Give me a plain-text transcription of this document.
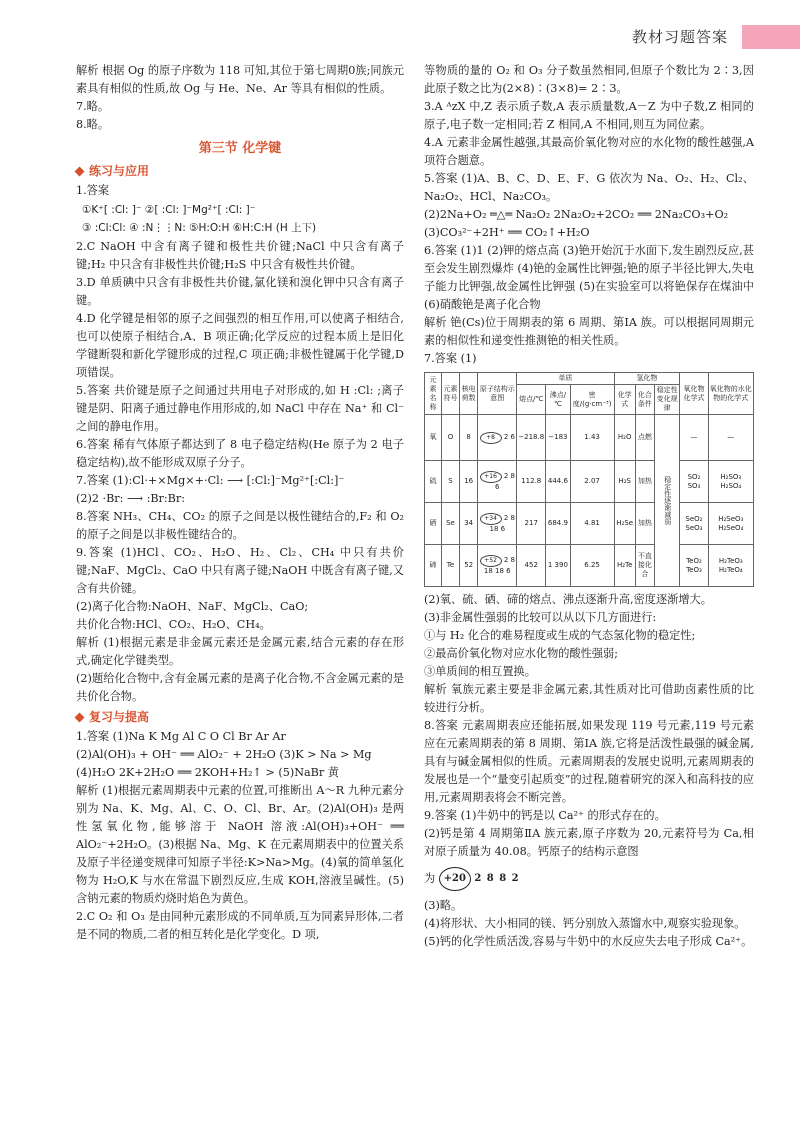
教材习题答案

解析 根据 Og 的原子序数为 118 可知,其位于第七周期0族;同族元素具有相似的性质,故 Og 与 He、Ne、Ar 等具有相似的性质。

7.略。

8.略。

第三节 化学键
练习与应用

1.答案

①K⁺[ :Cl: ]⁻ ②[ :Cl: ]⁻Mg²⁺[ :Cl: ]⁻
③ :Cl:Cl: ④ :N⋮⋮N: ⑤H:O:H ⑥H:C:H (H 上下)

2.C NaOH 中含有离子键和极性共价键;NaCl 中只含有离子键;H₂ 中只含有非极性共价键;H₂S 中只含有极性共价键。

3.D 单质碘中只含有非极性共价键,氯化镁和溴化钾中只含有离子键。

4.D 化学键是相邻的原子之间强烈的相互作用,可以使离子相结合,也可以使原子相结合,A、B 项正确;化学反应的过程本质上是旧化学键断裂和新化学键形成的过程,C 项正确;非极性键属于化学键,D 项错误。

5.答案 共价键是原子之间通过共用电子对形成的,如 H :Cl: ;离子键是阴、阳离子通过静电作用形成的,如 NaCl 中存在 Na⁺ 和 Cl⁻ 之间的静电作用。

6.答案 稀有气体原子都达到了 8 电子稳定结构(He 原子为 2 电子稳定结构),故不能形成双原子分子。

7.答案 (1):Cl·+×Mg×+·Cl: ⟶ [:Cl:]⁻Mg²⁺[:Cl:]⁻

(2)2 ·Br: ⟶ :Br:Br:

8.答案 NH₃、CH₄、CO₂ 的原子之间是以极性键结合的,F₂ 和 O₂ 的原子之间是以非极性键结合的。

9.答案 (1)HCl、CO₂、H₂O、H₂、Cl₂、CH₄ 中只有共价键;NaF、MgCl₂、CaO 中只有离子键;NaOH 中既含有离子键,又含有共价键。

(2)离子化合物:NaOH、NaF、MgCl₂、CaO;

共价化合物:HCl、CO₂、H₂O、CH₄。

解析 (1)根据元素是非金属元素还是金属元素,结合元素的存在形式,确定化学键类型。

(2)题给化合物中,含有金属元素的是离子化合物,不含金属元素的是共价化合物。

复习与提高

1.答案 (1)Na K Mg Al C O Cl Br Ar Ar

(2)Al(OH)₃ + OH⁻ ══ AlO₂⁻ + 2H₂O (3)K > Na > Mg

(4)H₂O 2K+2H₂O ══ 2KOH+H₂↑ > (5)NaBr 黄

解析 (1)根据元素周期表中元素的位置,可推断出 A～R 九种元素分别为 Na、K、Mg、Al、C、O、Cl、Br、Ar。(2)Al(OH)₃ 是两性氢氧化物,能够溶于 NaOH 溶液:Al(OH)₃+OH⁻ ══ AlO₂⁻+2H₂O。(3)根据 Na、Mg、K 在元素周期表中的位置关系及原子半径递变规律可知原子半径:K>Na>Mg。(4)氧的简单氢化物为 H₂O,K 与水在常温下剧烈反应,生成 KOH,溶液呈碱性。(5)含钠元素的物质灼烧时焰色为黄色。

2.C O₂ 和 O₃ 是由同种元素形成的不同单质,互为同素异形体,二者是不同的物质,二者的相互转化是化学变化。D 项,

等物质的量的 O₂ 和 O₃ 分子数虽然相同,但原子个数比为 2∶3,因此原子数之比为(2×8)∶(3×8)= 2∶3。

3.A ᴬzX 中,Z 表示质子数,A 表示质量数,A－Z 为中子数,Z 相同的原子,电子数一定相同;若 Z 相同,A 不相同,则互为同位素。

4.A 元素非金属性越强,其最高价氧化物对应的水化物的酸性越强,A 项符合题意。

5.答案 (1)A、B、C、D、E、F、G 依次为 Na、O₂、H₂、Cl₂、Na₂O₂、HCl、Na₂CO₃。

(2)2Na+O₂ ═△═ Na₂O₂ 2Na₂O₂+2CO₂ ══ 2Na₂CO₃+O₂

(3)CO₃²⁻+2H⁺ ══ CO₂↑+H₂O

6.答案 (1)1 (2)钾的熔点高 (3)铯开始沉于水面下,发生剧烈反应,甚至会发生剧烈爆炸 (4)铯的金属性比钾强;铯的原子半径比钾大,失电子能力比钾强,故金属性比钾强 (5)在实验室可以将铯保存在煤油中 (6)硝酸铯是离子化合物

解析 铯(Cs)位于周期表的第 6 周期、第ⅠA 族。可以根据同周期元素的相似性和递变性推测铯的相关性质。

7.答案 (1)

元素名称	元素符号	核电荷数	原子结构示意图	单质			氢化物			氧化物化学式	氧化物的水化物的化学式
				熔点/℃	沸点/℃	密度/(g·cm⁻³)	化学式	化合条件	稳定性变化规律		
氧	O	8	+8 2 6	−218.8	−183	1.43	H₂O	点燃	稳定性逐渐减弱	—	—
硫	S	16	+16 2 8 6	112.8	444.6	2.07	H₂S	加热		SO₂ SO₃	H₂SO₃ H₂SO₄
硒	Se	34	+34 2 8 18 6	217	684.9	4.81	H₂Se	加热		SeO₂ SeO₃	H₂SeO₃ H₂SeO₄
碲	Te	52	+52 2 8 18 18 6	452	1 390	6.25	H₂Te	不直接化合		TeO₂ TeO₃	H₂TeO₃ H₂TeO₄

(2)氧、硫、硒、碲的熔点、沸点逐渐升高,密度逐渐增大。

(3)非金属性强弱的比较可以从以下几方面进行:

①与 H₂ 化合的难易程度或生成的气态氢化物的稳定性;

②最高价氧化物对应水化物的酸性强弱;

③单质间的相互置换。

解析 氧族元素主要是非金属元素,其性质对比可借助卤素性质的比较进行分析。

8.答案 元素周期表应还能拓展,如果发现 119 号元素,119 号元素应在元素周期表的第 8 周期、第ⅠA 族,它将是活泼性最强的碱金属,具有与碱金属相似的性质。元素周期表的发展史说明,元素周期表的发展也是一个“量变引起质变”的过程,随着研究的深入和高科技的应用,元素周期表将会不断完善。

9.答案 (1)牛奶中的钙是以 Ca²⁺ 的形式存在的。

(2)钙是第 4 周期第ⅡA 族元素,原子序数为 20,元素符号为 Ca,相对原子质量为 40.08。钙原子的结构示意图

为 +20 2 8 8 2

(3)略。

(4)将形状、大小相同的镁、钙分别放入蒸馏水中,观察实验现象。

(5)钙的化学性质活泼,容易与牛奶中的水反应失去电子形成 Ca²⁺。
